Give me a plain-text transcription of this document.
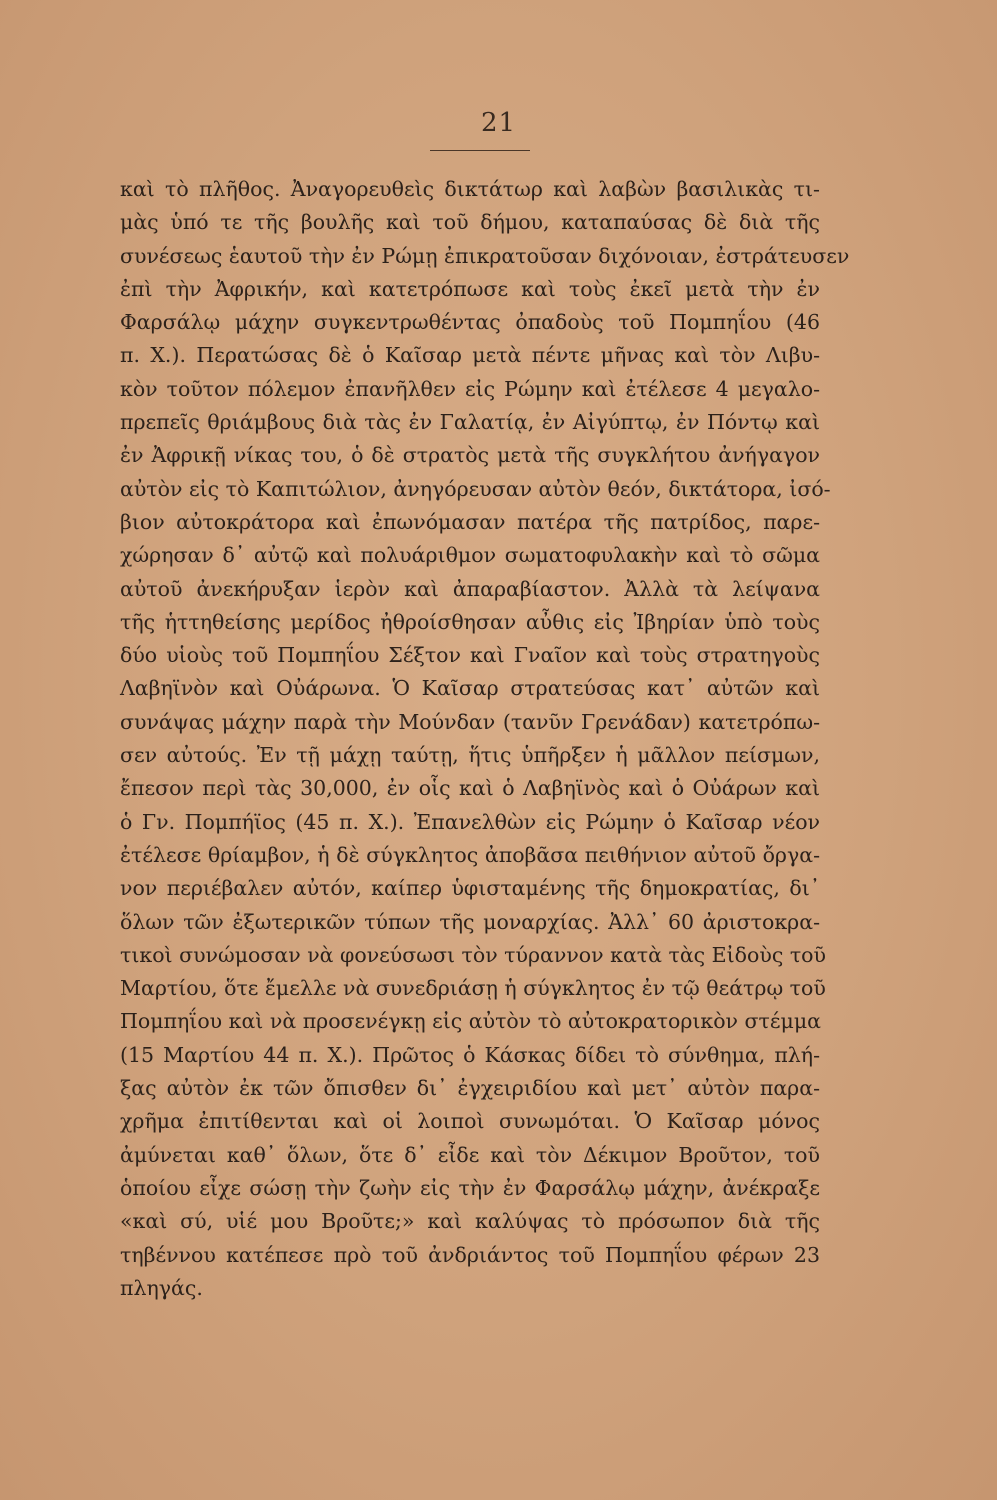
21
καὶ τὸ πλῆθος. Ἀναγορευθεὶς δικτάτωρ καὶ λαβὼν βασιλικὰς τι-
μὰς ὑπό τε τῆς βουλῆς καὶ τοῦ δήμου, καταπαύσας δὲ διὰ τῆς
συνέσεως ἑαυτοῦ τὴν ἐν Ρώμῃ ἐπικρατοῦσαν διχόνοιαν, ἐστράτευσεν
ἐπὶ τὴν Ἀφρικήν, καὶ κατετρόπωσε καὶ τοὺς ἐκεῖ μετὰ τὴν ἐν
Φαρσάλῳ μάχην συγκεντρωθέντας ὀπαδοὺς τοῦ Πομπηΐου (46
π. Χ.). Περατώσας δὲ ὁ Καῖσαρ μετὰ πέντε μῆνας καὶ τὸν Λιβυ-
κὸν τοῦτον πόλεμον ἐπανῆλθεν εἰς Ρώμην καὶ ἐτέλεσε 4 μεγαλο-
πρεπεῖς θριάμβους διὰ τὰς ἐν Γαλατίᾳ, ἐν Αἰγύπτῳ, ἐν Πόντῳ καὶ
ἐν Ἀφρικῇ νίκας του, ὁ δὲ στρατὸς μετὰ τῆς συγκλήτου ἀνήγαγον
αὐτὸν εἰς τὸ Καπιτώλιον, ἀνηγόρευσαν αὐτὸν θεόν, δικτάτορα, ἰσό-
βιον αὐτοκράτορα καὶ ἐπωνόμασαν πατέρα τῆς πατρίδος, παρε-
χώρησαν δ᾽ αὐτῷ καὶ πολυάριθμον σωματοφυλακὴν καὶ τὸ σῶμα
αὐτοῦ ἀνεκήρυξαν ἱερὸν καὶ ἀπαραβίαστον. Ἀλλὰ τὰ λείψανα
τῆς ἡττηθείσης μερίδος ἠθροίσθησαν αὖθις εἰς Ἰβηρίαν ὑπὸ τοὺς
δύο υἱοὺς τοῦ Πομπηΐου Σέξτον καὶ Γναῖον καὶ τοὺς στρατηγοὺς
Λαβηϊνὸν καὶ Οὐάρωνα. Ὁ Καῖσαρ στρατεύσας κατ᾽ αὐτῶν καὶ
συνάψας μάχην παρὰ τὴν Μούνδαν (τανῦν Γρενάδαν) κατετρόπω-
σεν αὐτούς. Ἐν τῇ μάχῃ ταύτῃ, ἥτις ὑπῆρξεν ἡ μᾶλλον πείσμων,
ἔπεσον περὶ τὰς 30,000, ἐν οἷς καὶ ὁ Λαβηϊνὸς καὶ ὁ Οὐάρων καὶ
ὁ Γν. Πομπήϊος (45 π. Χ.). Ἐπανελθὼν εἰς Ρώμην ὁ Καῖσαρ νέον
ἐτέλεσε θρίαμβον, ἡ δὲ σύγκλητος ἀποβᾶσα πειθήνιον αὐτοῦ ὄργα-
νον περιέβαλεν αὐτόν, καίπερ ὑφισταμένης τῆς δημοκρατίας, δι᾽
ὅλων τῶν ἐξωτερικῶν τύπων τῆς μοναρχίας. Ἀλλ᾽ 60 ἀριστοκρα-
τικοὶ συνώμοσαν νὰ φονεύσωσι τὸν τύραννον κατὰ τὰς Εἰδοὺς τοῦ
Μαρτίου, ὅτε ἔμελλε νὰ συνεδριάσῃ ἡ σύγκλητος ἐν τῷ θεάτρῳ τοῦ
Πομπηΐου καὶ νὰ προσενέγκῃ εἰς αὐτὸν τὸ αὐτοκρατορικὸν στέμμα
(15 Μαρτίου 44 π. Χ.). Πρῶτος ὁ Κάσκας δίδει τὸ σύνθημα, πλή-
ξας αὐτὸν ἐκ τῶν ὄπισθεν δι᾽ ἐγχειριδίου καὶ μετ᾽ αὐτὸν παρα-
χρῆμα ἐπιτίθενται καὶ οἱ λοιποὶ συνωμόται. Ὁ Καῖσαρ μόνος
ἀμύνεται καθ᾽ ὅλων, ὅτε δ᾽ εἶδε καὶ τὸν Δέκιμον Βροῦτον, τοῦ
ὁποίου εἶχε σώσῃ τὴν ζωὴν εἰς τὴν ἐν Φαρσάλῳ μάχην, ἀνέκραξε
«καὶ σύ, υἱέ μου Βροῦτε;» καὶ καλύψας τὸ πρόσωπον διὰ τῆς
τηβέννου κατέπεσε πρὸ τοῦ ἀνδριάντος τοῦ Πομπηΐου φέρων 23
πληγάς.
